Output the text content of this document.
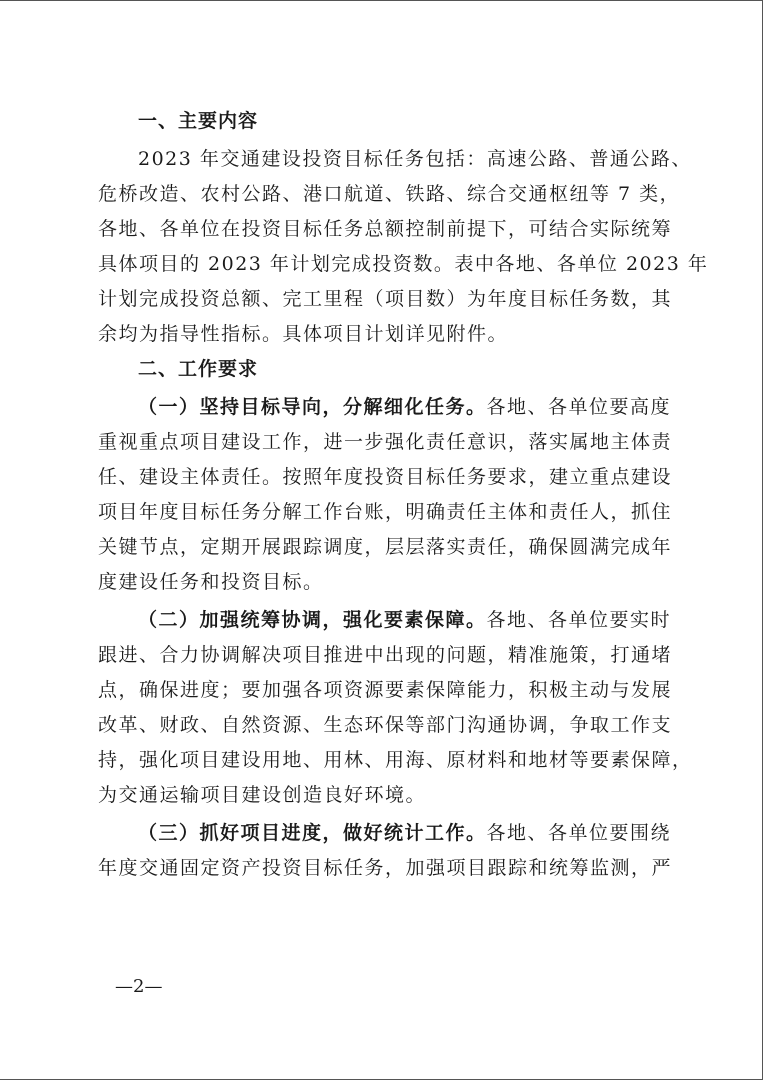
一、主要内容
2023 年交通建设投资目标任务包括：高速公路、普通公路、
危桥改造、农村公路、港口航道、铁路、综合交通枢纽等 7 类，
各地、各单位在投资目标任务总额控制前提下，可结合实际统筹
具体项目的 2023 年计划完成投资数。表中各地、各单位 2023 年
计划完成投资总额、完工里程（项目数）为年度目标任务数，其
余均为指导性指标。具体项目计划详见附件。
二、工作要求
（一）坚持目标导向，分解细化任务。各地、各单位要高度
重视重点项目建设工作，进一步强化责任意识，落实属地主体责
任、建设主体责任。按照年度投资目标任务要求，建立重点建设
项目年度目标任务分解工作台账，明确责任主体和责任人，抓住
关键节点，定期开展跟踪调度，层层落实责任，确保圆满完成年
度建设任务和投资目标。
（二）加强统筹协调，强化要素保障。各地、各单位要实时
跟进、合力协调解决项目推进中出现的问题，精准施策，打通堵
点，确保进度；要加强各项资源要素保障能力，积极主动与发展
改革、财政、自然资源、生态环保等部门沟通协调，争取工作支
持，强化项目建设用地、用林、用海、原材料和地材等要素保障，
为交通运输项目建设创造良好环境。
（三）抓好项目进度，做好统计工作。各地、各单位要围绕
年度交通固定资产投资目标任务，加强项目跟踪和统筹监测，严
—2—
